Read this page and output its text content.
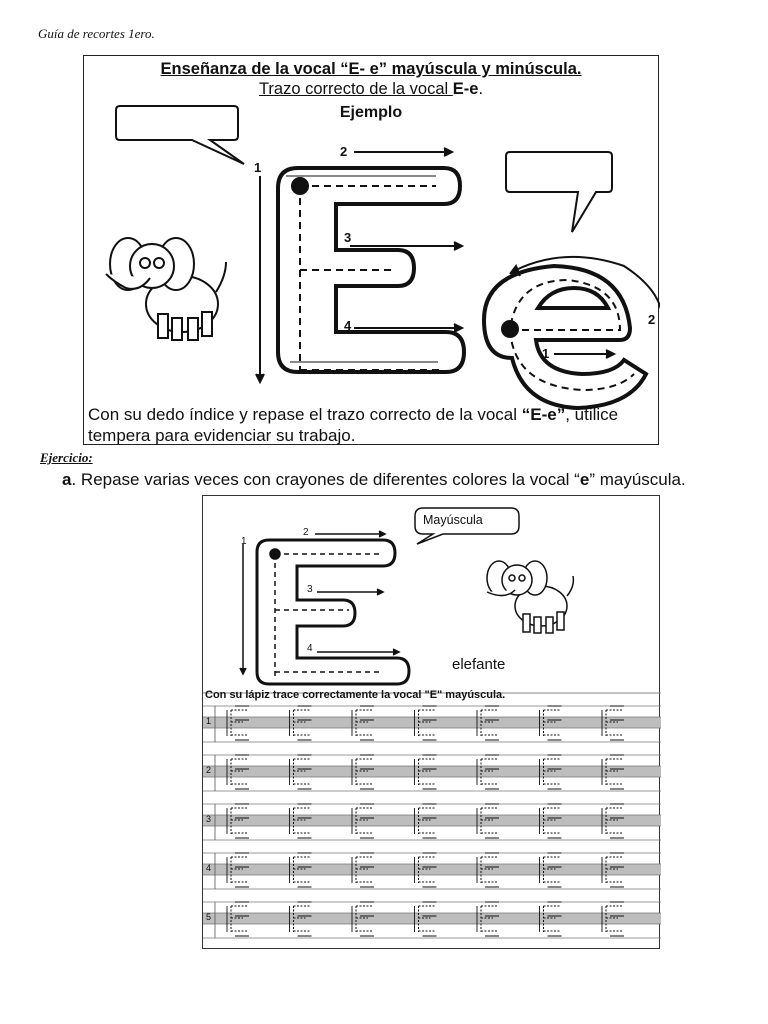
Guía de recortes 1ero.
Enseñanza de la vocal “E- e” mayúscula y minúscula.
Trazo correcto de la vocal E-e.
Ejemplo
1
2
3
4
1
2
Con su dedo índice y repase el trazo correcto de la vocal “E-e”, utilice tempera para evidenciar su trabajo.
Ejercicio:
a. Repase varias veces con crayones de diferentes colores la vocal “e” mayúscula.
1
2
3
4
Mayúscula
elefante
Con su lápiz trace correctamente la vocal "E" mayúscula.
1
2
3
4
5
